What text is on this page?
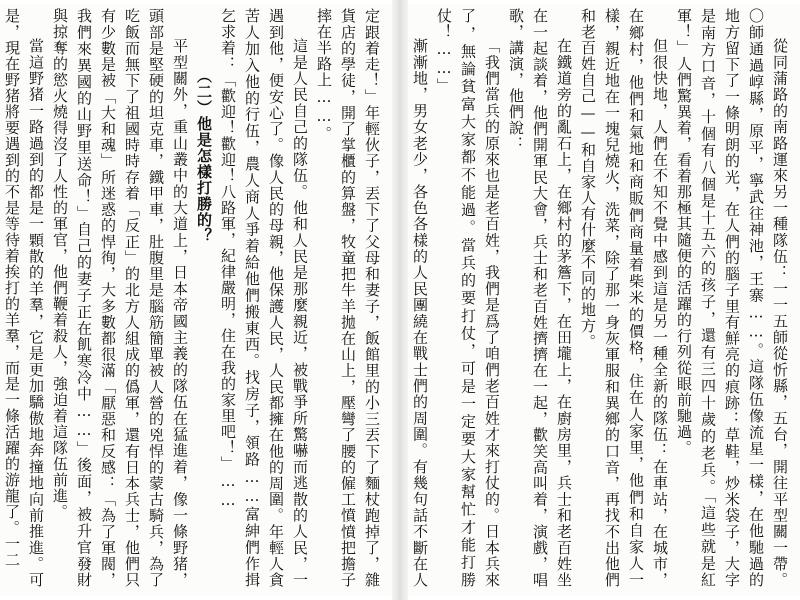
定跟着走！」年輕伙子，丟下了父母和妻子，飯館里的小三丟下了麵杖跑掉了，雜貨店的學徒，開了掌櫃的算盤，牧童把牛羊拋在山上，壓彎了腰的僱工憤憤把擔子摔在半路上……。

這是人民自己的隊伍。他和人民是那麼親近，被戰爭所驚嚇而逃散的人民，一遇到他，便安心了。像人民的母親，他保護人民，人民都擁在他的周圍。年輕人貪苦人加入他的行伍，農人商人爭着給他們搬東西。找房子，領路……富紳們作揖乞求着：「歡迎！歡迎！八路軍，紀律嚴明，住在我的家里吧！」……

（二）他是怎樣打勝的？

平型關外，重山叢中的大道上，日本帝國主義的隊伍在猛進着，像一條野猪，頭部是堅硬的坦克車，鐵甲車，肚腹里是腦筋簡單被人營的兇悍的蒙古騎兵，為了吃飯而無下了祖國時時存着「反正」的北方人組成的僞軍，還有日本兵士，他們只有少數是被「大和魂」所迷惑的悍徇，大多數都很滿「厭惡和反感：「為了軍閥，我們來異國的山野里送命！」自己的妻子正在飢寒冷中……」後面，被升官發財與掠奪的慾火燒得沒了人性的軍官，他們鞭着殺人，強迫着這隊伍前進。

當這野猪一路過到的都是一顆散的羊羣，它是更加驕傲地奔撞地向前推進。可是，現在野猪將要遇到的不是等待着挨打的羊羣，而是一條活躍的游龍了。一二	從同蒲路的南路運來另一種隊伍：一一五師從忻縣，五台，開往平型關一帶。〇師通過崞縣，原平，寧武往神池，王寨……。這隊伍像流星一樣，在他馳過的地方留下了一條明朗的光，在人們的腦子里有鮮亮的痕跡：草鞋，炒米袋子，大字是南方口音，十個有八個是十五六的孩子，還有三四十歲的老兵。「這些就是紅軍！」人們驚異着，看着那極其隨便的活躍的行列從眼前馳過。

但很快地，人們在不知不覺中感到這是另一種全新的隊伍：在車站，在城市，在鄉村，他們和氣地和商販們商量着柴米的價格，住在人家里，他們和自家人一樣，親近地在一塊兒燒火，洗菜，除了那一身灰軍服和異鄉的口音，再找不出他們和老百姓自己——和自家人有什麼不同的地方。

在鐵道旁的亂石上，在鄉村的茅簷下，在田壠上，在廚房里，兵士和老百姓坐在一起談着，他們開軍民大會，兵士和老百姓擠擠在一起，歡笑高叫着，演戲，唱歌，講演，他們說：

「我們當兵的原來也是老百姓，我們是爲了咱們老百姓才來打仗的。日本兵來了，無論貧富大家都不能過。當兵的要打仗，可是一定要大家幫忙才能打勝仗！……」

漸漸地，男女老少，各色各樣的人民團繞在戰士們的周圍。有幾句話不斷在人
